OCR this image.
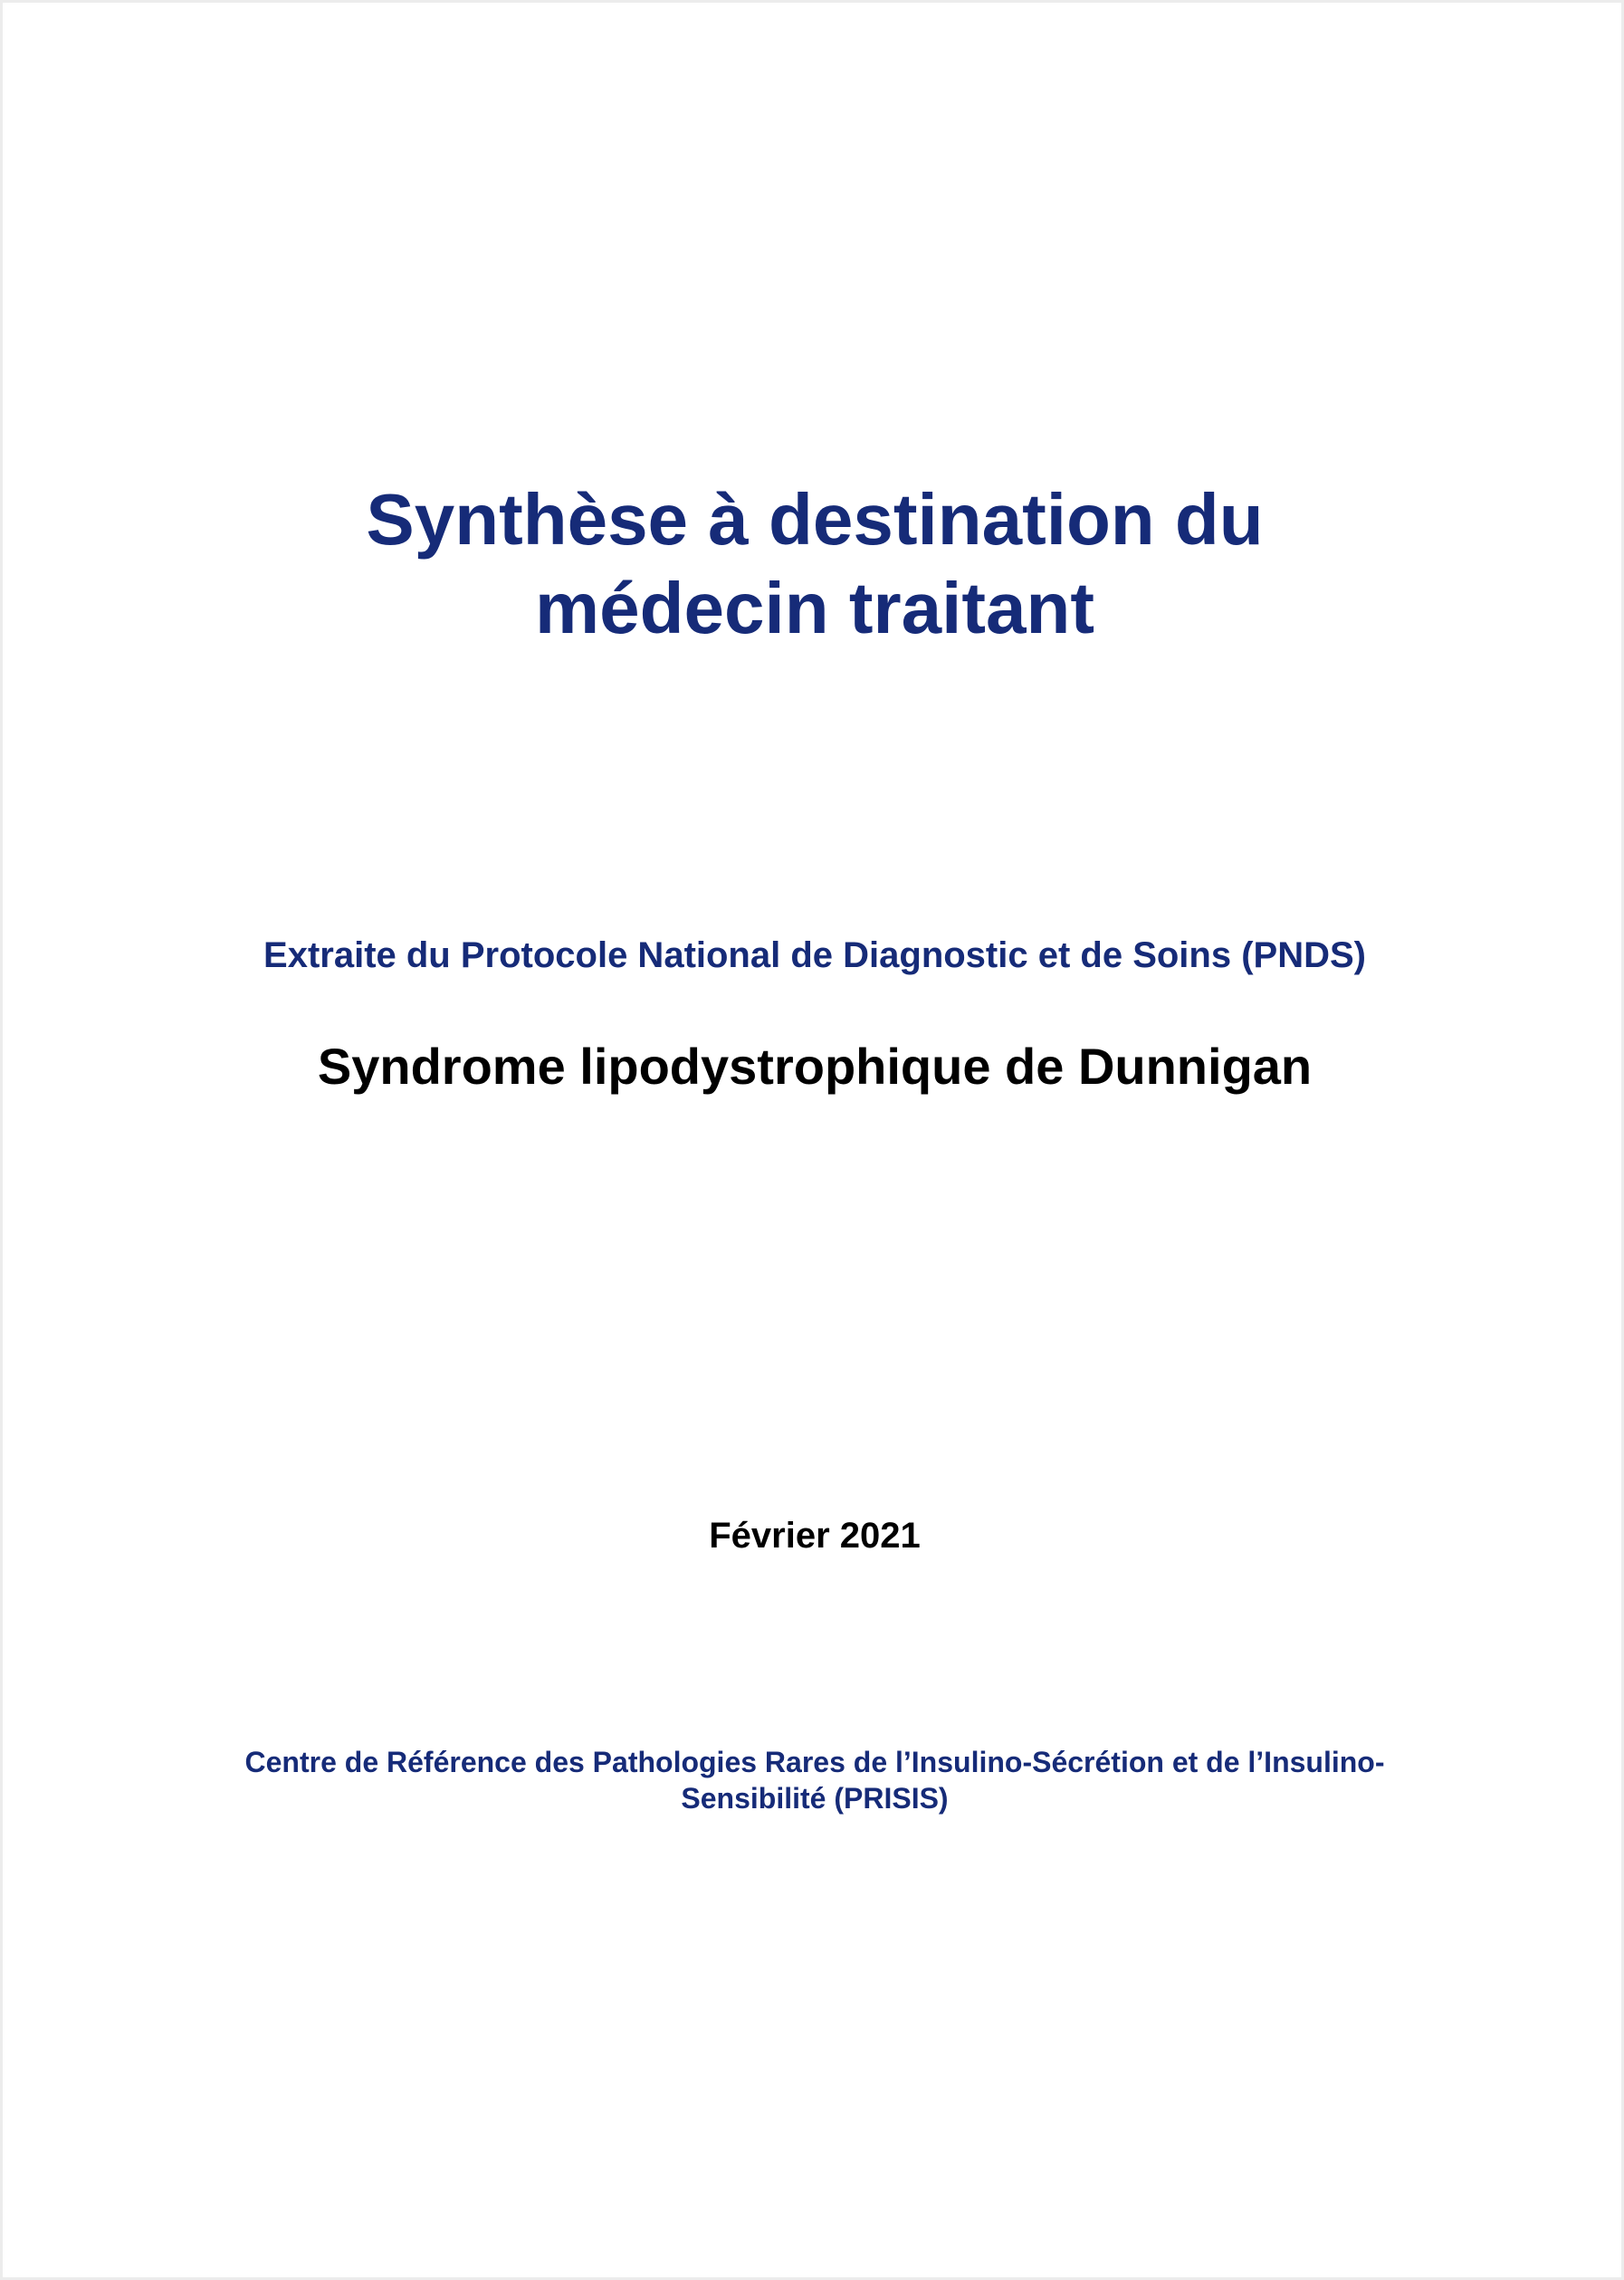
Synthèse à destination du
médecin traitant

Extraite du Protocole National de Diagnostic et de Soins (PNDS)

Syndrome lipodystrophique de Dunnigan

Février 2021

Centre de Référence des Pathologies Rares de l’Insulino-Sécrétion et de l’Insulino-
Sensibilité (PRISIS)
